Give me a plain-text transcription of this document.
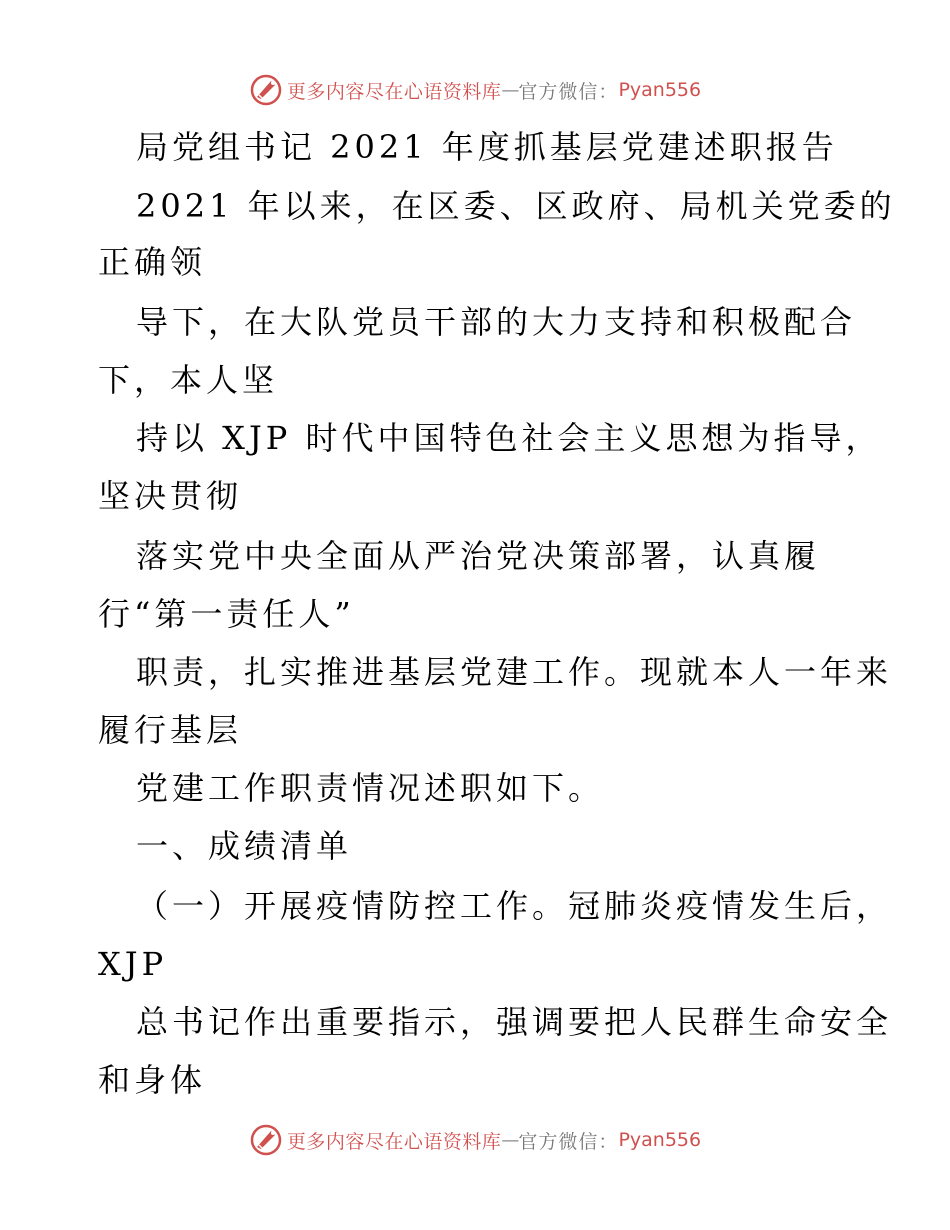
更多内容尽在心语资料库 — 官方微信： Pyan556
局党组书记 2021 年度抓基层党建述职报告
2021 年以来，在区委、区政府、局机关党委的
正确领
导下，在大队党员干部的大力支持和积极配合
下，本人坚
持以 XJP 时代中国特色社会主义思想为指导，
坚决贯彻
落实党中央全面从严治党决策部署，认真履
行“第一责任人”
职责，扎实推进基层党建工作。现就本人一年来
履行基层
党建工作职责情况述职如下。
一、成绩清单
（一）开展疫情防控工作。冠肺炎疫情发生后，
XJP
总书记作出重要指示，强调要把人民群生命安全
和身体
更多内容尽在心语资料库 — 官方微信： Pyan556
